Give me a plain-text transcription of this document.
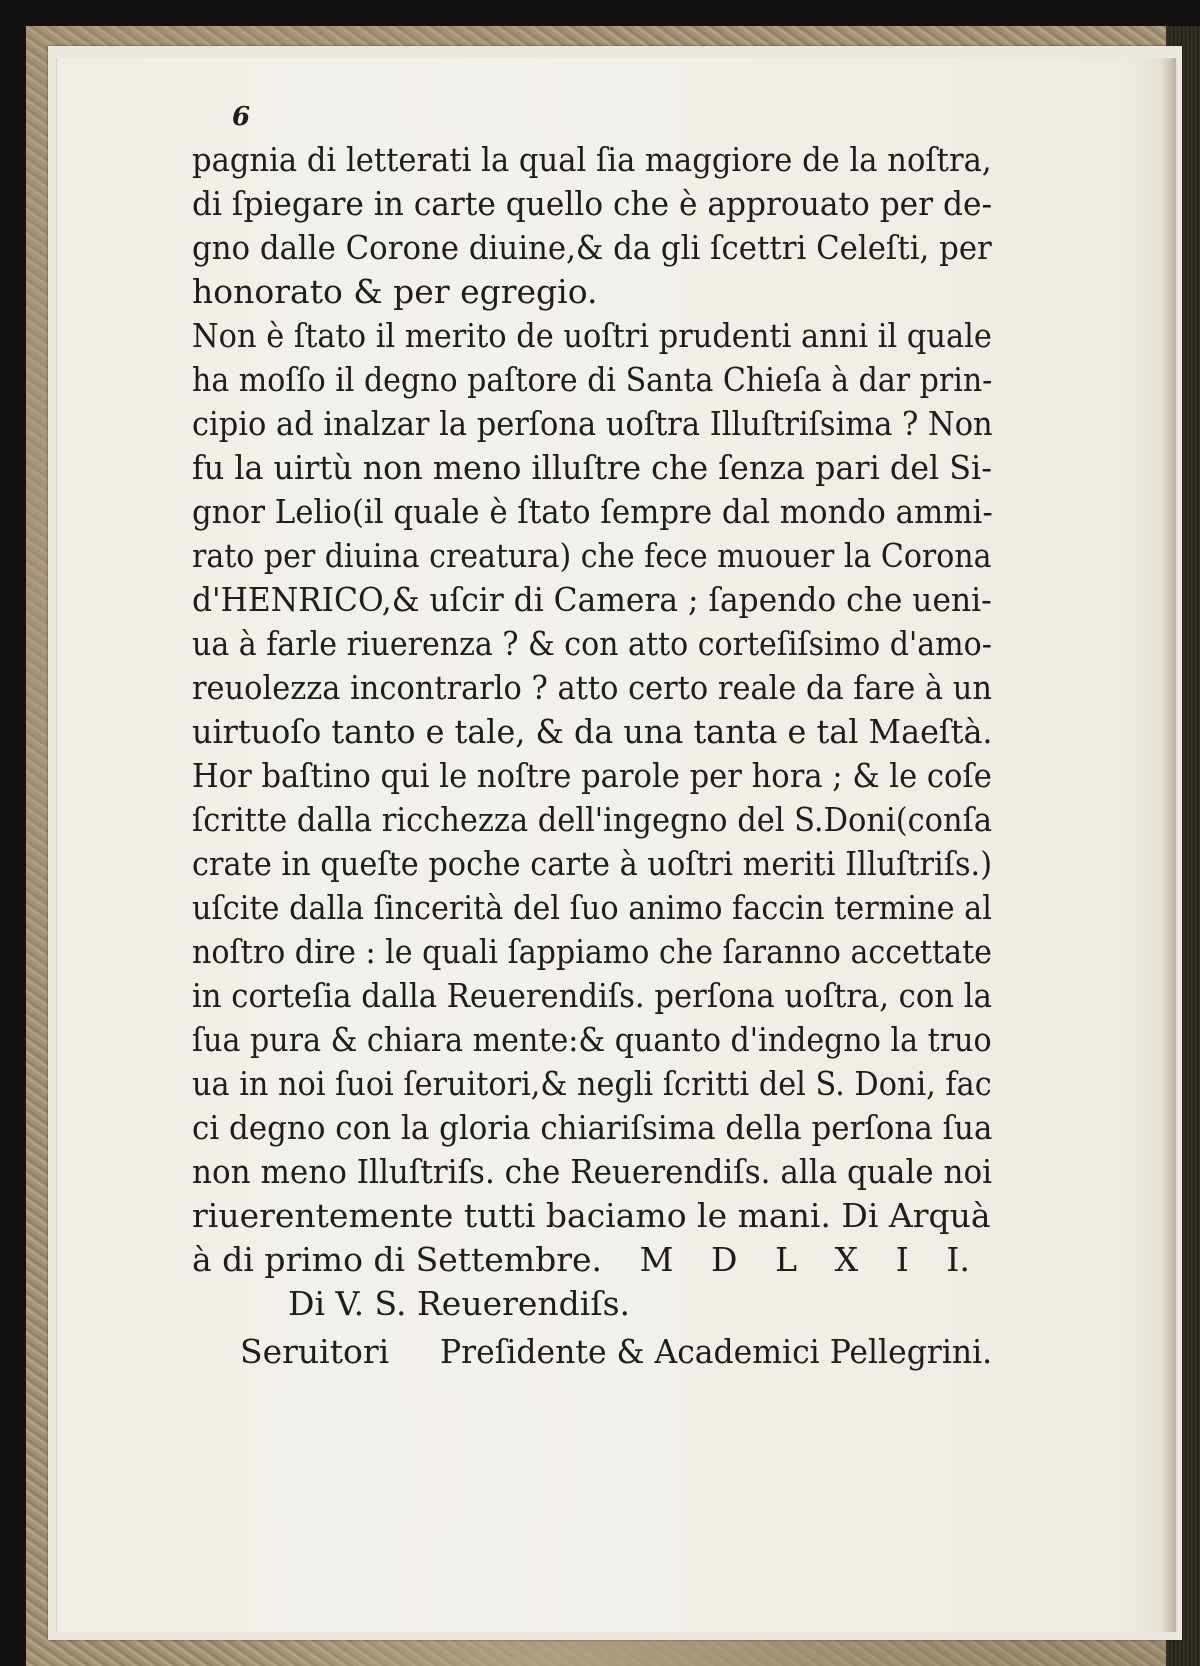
6
pagnia di letterati la qual ſia maggiore de la noſtra,
di ſpiegare in carte quello che è approuato per de-
gno dalle Corone diuine,& da gli ſcettri Celeſti, per
honorato & per egregio.
Non è ſtato il merito de uoſtri prudenti anni il quale
ha moſſo il degno paſtore di Santa Chieſa à dar prin-
cipio ad inalzar la perſona uoſtra Illuſtriſsima ? Non
fu la uirtù non meno illuſtre che ſenza pari del Si-
gnor Lelio(il quale è ſtato ſempre dal mondo ammi-
rato per diuina creatura) che fece muouer la Corona
d'HENRICO,& uſcir di Camera ; ſapendo che ueni-
ua à farle riuerenza ? & con atto corteſiſsimo d'amo-
reuolezza incontrarlo ? atto certo reale da fare à un
uirtuoſo tanto e tale, & da una tanta e tal Maeſtà.
Hor baſtino qui le noſtre parole per hora ; & le coſe
ſcritte dalla ricchezza dell'ingegno del S.Doni(conſa
crate in queſte poche carte à uoſtri meriti Illuſtriſs.)
uſcite dalla ſincerità del ſuo animo faccin termine al
noſtro dire : le quali ſappiamo che ſaranno accettate
in corteſia dalla Reuerendiſs. perſona uoſtra, con la
ſua pura & chiara mente:& quanto d'indegno la truo
ua in noi ſuoi ſeruitori,& negli ſcritti del S. Doni, fac
ci degno con la gloria chiariſsima della perſona ſua
non meno Illuſtriſs. che Reuerendiſs. alla quale noi
riuerentemente tutti baciamo le mani. Di Arquà
à di primo di Settembre. M D L X I I.
Di V. S. Reuerendiſs.
Seruitori Preſidente & Academici Pellegrini.
